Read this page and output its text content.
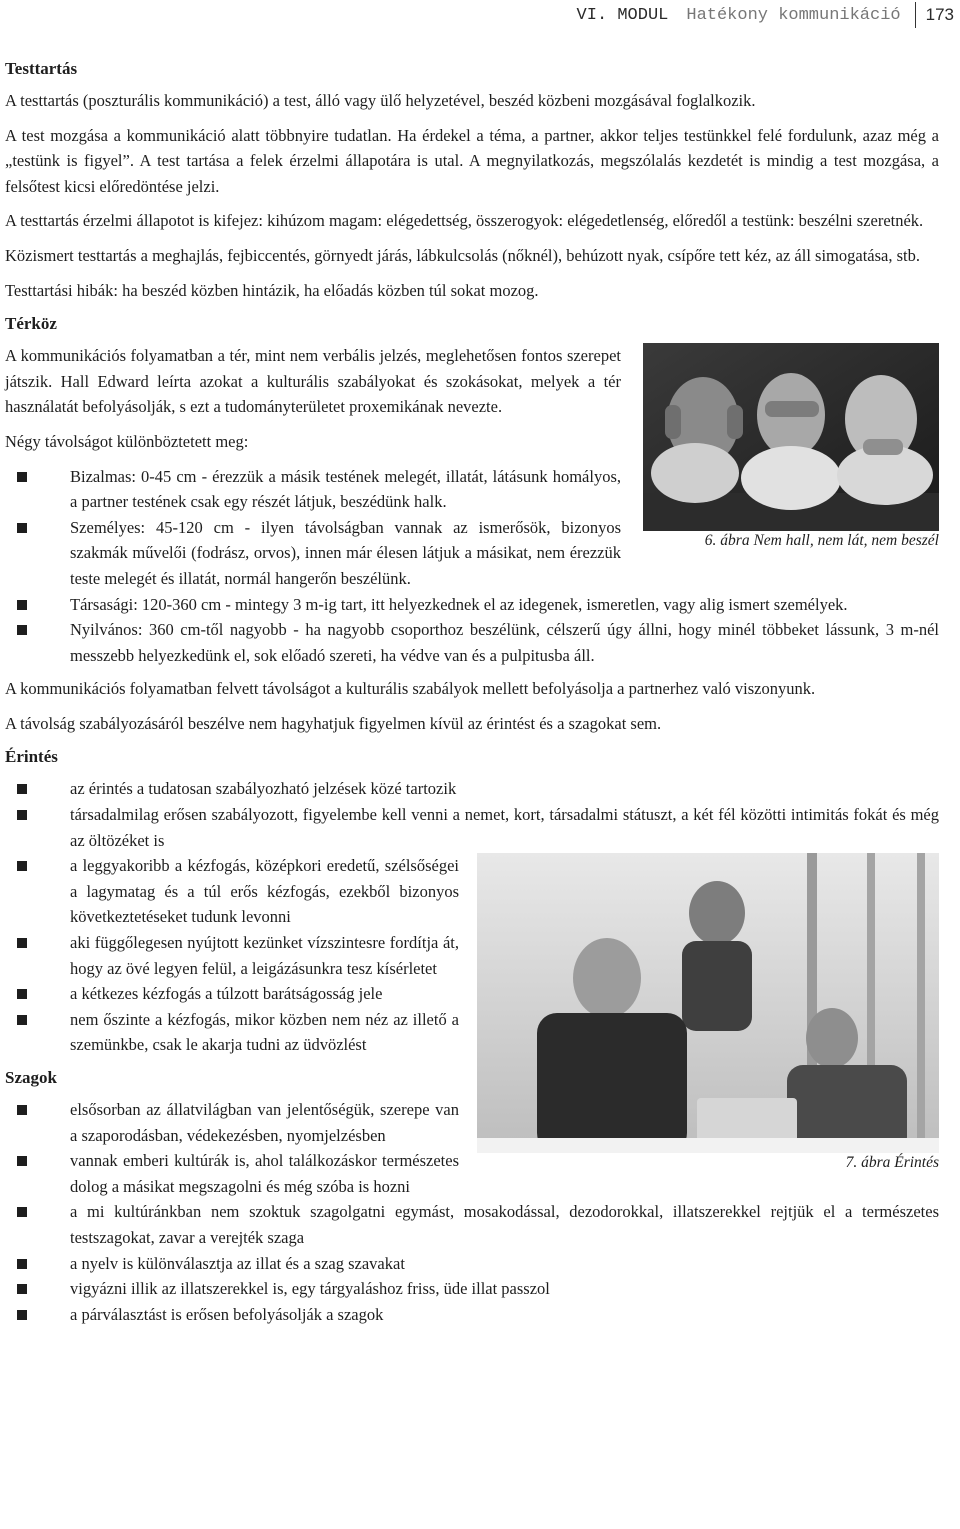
VI. MODUL Hatékony kommunikáció 173
Testtartás

A testtartás (poszturális kommunikáció) a test, álló vagy ülő helyzetével, beszéd közbeni mozgásával foglalkozik.

A test mozgása a kommunikáció alatt többnyire tudatlan. Ha érdekel a téma, a partner, akkor teljes testünkkel felé fordulunk, azaz még a „testünk is figyel”. A test tartása a felek érzelmi állapotára is utal. A megnyilatkozás, megszólalás kezdetét is mindig a test mozgása, a felsőtest kicsi előredöntése jelzi.

A testtartás érzelmi állapotot is kifejez: kihúzom magam: elégedettség, összerogyok: elégedetlenség, előredől a testünk: beszélni szeretnék.

Közismert testtartás a meghajlás, fejbiccentés, görnyedt járás, lábkulcsolás (nőknél), behúzott nyak, csípőre tett kéz, az áll simogatása, stb.

Testtartási hibák: ha beszéd közben hintázik, ha előadás közben túl sokat mozog.

Térköz
6. ábra Nem hall, nem lát, nem beszél

A kommunikációs folyamatban a tér, mint nem verbális jelzés, meglehetősen fontos szerepet játszik. Hall Edward leírta azokat a kulturális szabályokat és szokásokat, melyek a tér használatát befolyásolják, s ezt a tudományterületet proxemikának nevezte.

Négy távolságot különböztetett meg:

Bizalmas: 0-45 cm - érezzük a másik testének melegét, illatát, látásunk homályos, a partner testének csak egy részét látjuk, beszédünk halk.
Személyes: 45-120 cm - ilyen távolságban vannak az ismerősök, bizonyos szakmák művelői (fodrász, orvos), innen már élesen látjuk a másikat, nem érezzük teste melegét és illatát, normál hangerőn beszélünk.
Társasági: 120-360 cm - mintegy 3 m-ig tart, itt helyezkednek el az idegenek, ismeretlen, vagy alig ismert személyek.
Nyilvános: 360 cm-től nagyobb - ha nagyobb csoporthoz beszélünk, célszerű úgy állni, hogy minél többeket lássunk, 3 m-nél messzebb helyezkedünk el, sok előadó szereti, ha védve van és a pulpitusba áll.

A kommunikációs folyamatban felvett távolságot a kulturális szabályok mellett befolyásolja a partnerhez való viszonyunk.

A távolság szabályozásáról beszélve nem hagyhatjuk figyelmen kívül az érintést és a szagokat sem.

Érintés
az érintés a tudatosan szabályozható jelzések közé tartozik
társadalmilag erősen szabályozott, figyelembe kell venni a nemet, kort, társadalmi státuszt, a két fél közötti intimitás fokát és még az öltözéket is
7. ábra Érintés
a leggyakoribb a kézfogás, középkori eredetű, szélsőségei a lagymatag és a túl erős kézfogás, ezekből bizonyos következtetéseket tudunk levonni
aki függőlegesen nyújtott kezünket vízszintesre fordítja át, hogy az övé legyen felül, a leigázásunkra tesz kísérletet
a kétkezes kézfogás a túlzott barátságosság jele
nem őszinte a kézfogás, mikor közben nem néz az illető a szemünkbe, csak le akarja tudni az üdvözlést
Szagok
elsősorban az állatvilágban van jelentőségük, szerepe van a szaporodásban, védekezésben, nyomjelzésben
vannak emberi kultúrák is, ahol találkozáskor természetes dolog a másikat megszagolni és még szóba is hozni
a mi kultúránkban nem szoktuk szagolgatni egymást, mosakodással, dezodorokkal, illatszerekkel rejtjük el a természetes testszagokat, zavar a verejték szaga
a nyelv is különválasztja az illat és a szag szavakat
vigyázni illik az illatszerekkel is, egy tárgyaláshoz friss, üde illat passzol
a párválasztást is erősen befolyásolják a szagok
